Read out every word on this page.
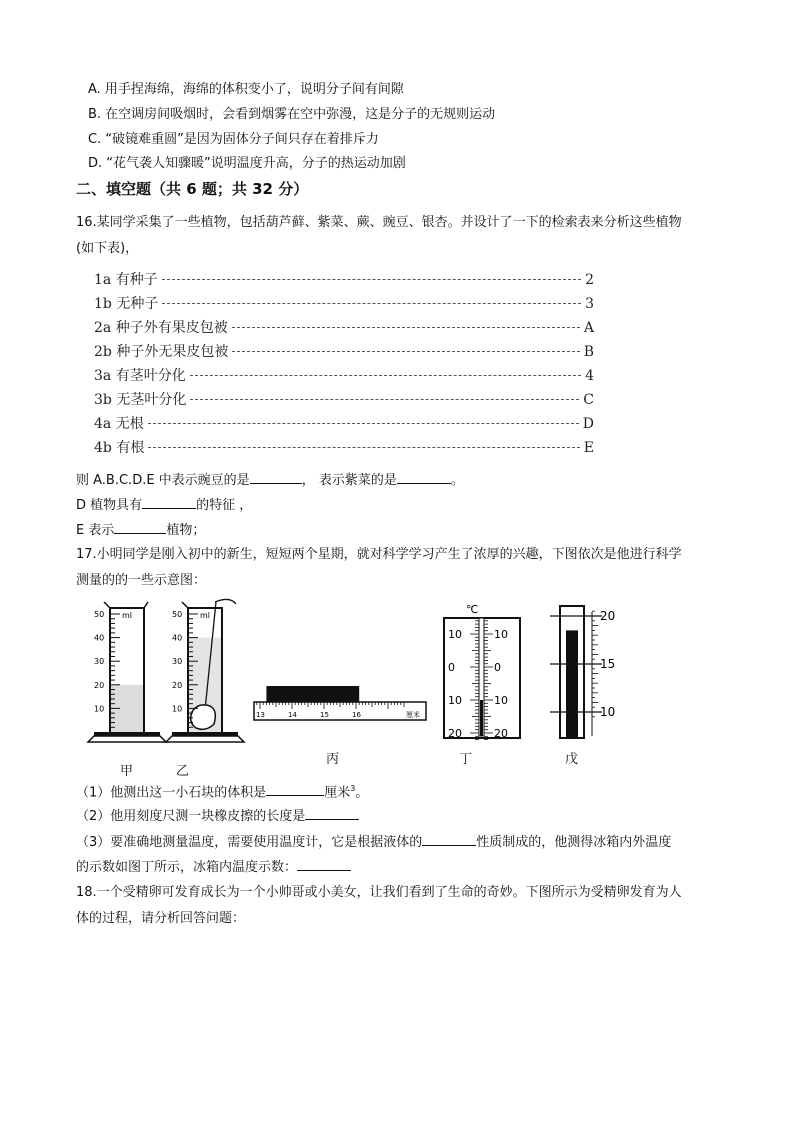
A. 用手捏海绵，海绵的体积变小了，说明分子间有间隙
B. 在空调房间吸烟时，会看到烟雾在空中弥漫，这是分子的无规则运动
C. “破镜难重圆”是因为固体分子间只存在着排斥力
D. “花气袭人知骤暖”说明温度升高，分子的热运动加剧
二、填空题（共 6 题；共 32 分）
16.某同学采集了一些植物，包括葫芦藓、紫菜、蕨、豌豆、银杏。并设计了一下的检索表来分析这些植物
(如下表)，
1a 有种子	2
1b 无种子	3
2a 种子外有果皮包被	A
2b 种子外无果皮包被	B
3a 有茎叶分化	4
3b 无茎叶分化	C
4a 无根	D
4b 有根	E
则 A.B.C.D.E 中表示豌豆的是	， 表示紫菜的是	。
D 植物具有	的特征 ，
E 表示	植物；
17.小明同学是刚入初中的新生，短短两个星期，就对科学学习产生了浓厚的兴趣，下图依次是他进行科学
测量的的一些示意图：
50
40
30
20
10
ml	50
40
30
20
10
ml
厘米
℃
13	14	15	16
10	10
0	0
10	10
20	20
20
15
10
甲	乙
丙	丁	戊
（1）他测出这一小石块的体积是	厘米$^3$。
（2）他用刻度尺测一块橡皮擦的长度是
（3）要准确地测量温度，需要使用温度计，它是根据液体的	性质制成的，他测得冰箱内外温度
的示数如图丁所示，冰箱内温度示数：
18.一个受精卵可发育成长为一个小帅哥或小美女，让我们看到了生命的奇妙。下图所示为受精卵发育为人
体的过程，请分析回答问题：
